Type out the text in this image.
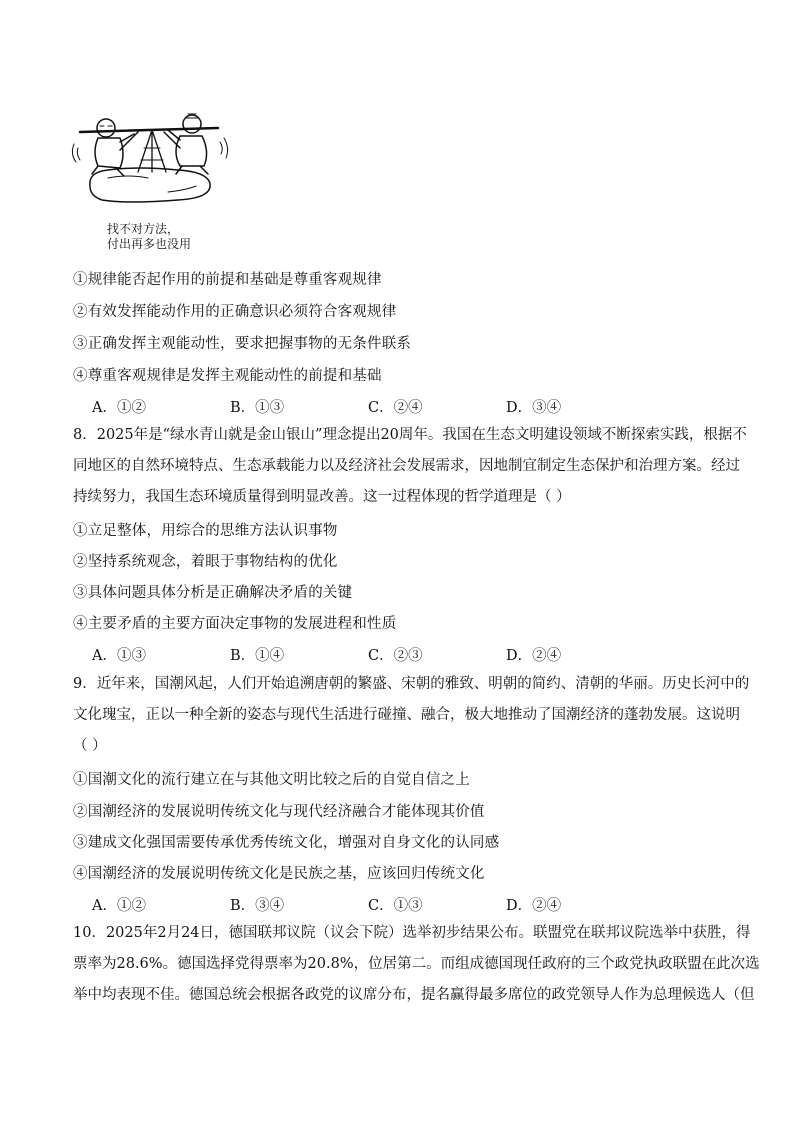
找不对方法，
付出再多也没用
①规律能否起作用的前提和基础是尊重客观规律
②有效发挥能动作用的正确意识必须符合客观规律
③正确发挥主观能动性，要求把握事物的无条件联系
④尊重客观规律是发挥主观能动性的前提和基础
A．①②	B．①③	C．②④	D．③④
8．2025年是“绿水青山就是金山银山”理念提出20周年。我国在生态文明建设领域不断探索实践，根据不
同地区的自然环境特点、生态承载能力以及经济社会发展需求，因地制宜制定生态保护和治理方案。经过
持续努力，我国生态环境质量得到明显改善。这一过程体现的哲学道理是（ ）
①立足整体，用综合的思维方法认识事物
②坚持系统观念，着眼于事物结构的优化
③具体问题具体分析是正确解决矛盾的关键
④主要矛盾的主要方面决定事物的发展进程和性质
A．①③	B．①④	C．②③	D．②④
9．近年来，国潮风起，人们开始追溯唐朝的繁盛、宋朝的雅致、明朝的简约、清朝的华丽。历史长河中的
文化瑰宝，正以一种全新的姿态与现代生活进行碰撞、融合，极大地推动了国潮经济的蓬勃发展。这说明
（ ）
①国潮文化的流行建立在与其他文明比较之后的自觉自信之上
②国潮经济的发展说明传统文化与现代经济融合才能体现其价值
③建成文化强国需要传承优秀传统文化，增强对自身文化的认同感
④国潮经济的发展说明传统文化是民族之基，应该回归传统文化
A．①②	B．③④	C．①③	D．②④
10．2025年2月24日，德国联邦议院（议会下院）选举初步结果公布。联盟党在联邦议院选举中获胜，得
票率为28.6%。德国选择党得票率为20.8%，位居第二。而组成德国现任政府的三个政党执政联盟在此次选
举中均表现不佳。德国总统会根据各政党的议席分布，提名赢得最多席位的政党领导人作为总理候选人（但
